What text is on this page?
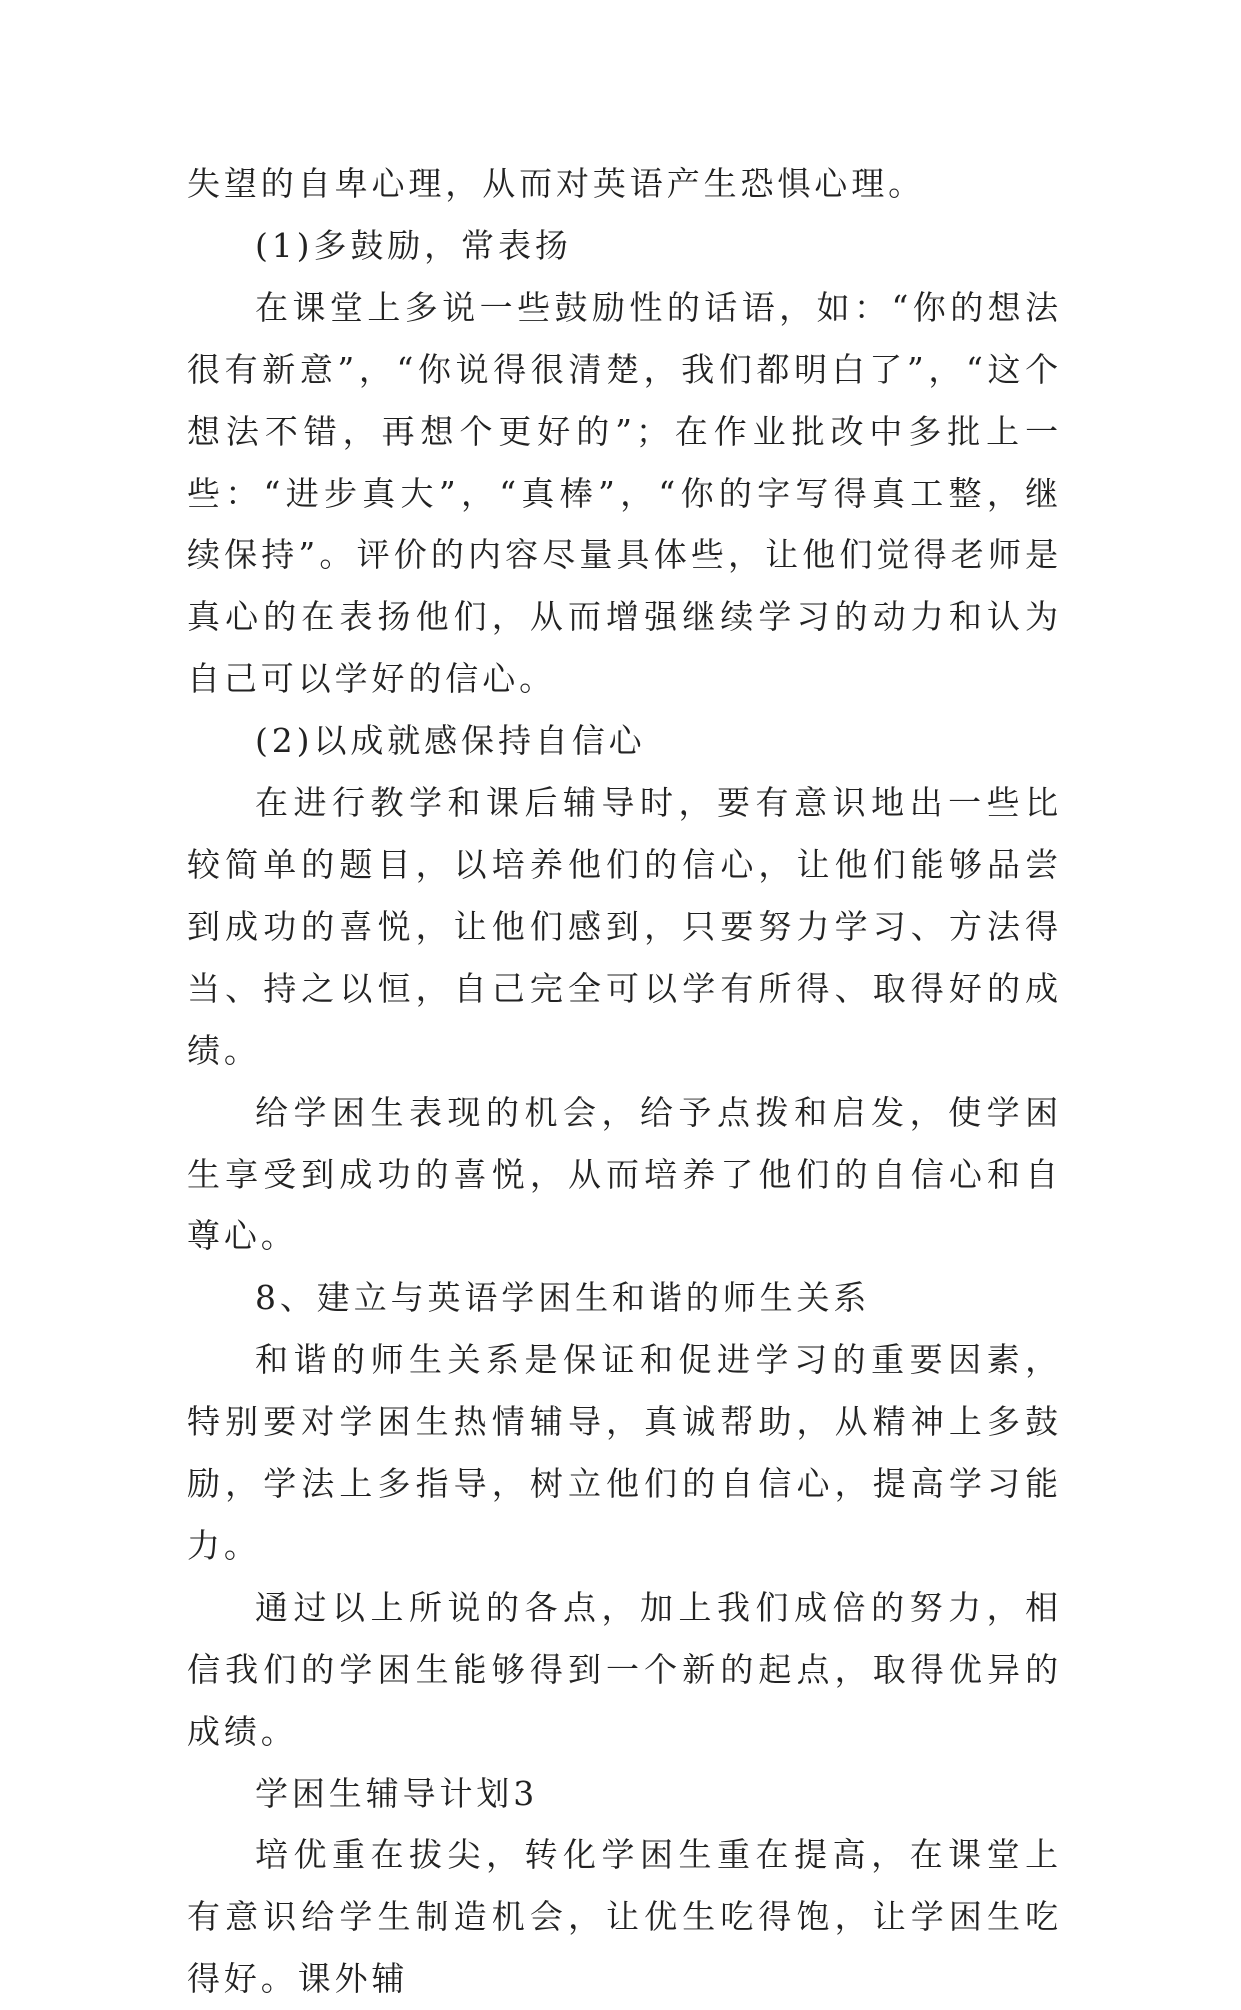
失望的自卑心理，从而对英语产生恐惧心理。

(1)多鼓励，常表扬

在课堂上多说一些鼓励性的话语，如：“你的想法很有新意”，“你说得很清楚，我们都明白了”，“这个想法不错，再想个更好的”；在作业批改中多批上一些：“进步真大”，“真棒”，“你的字写得真工整，继续保持”。评价的内容尽量具体些，让他们觉得老师是真心的在表扬他们，从而增强继续学习的动力和认为自己可以学好的信心。

(2)以成就感保持自信心

在进行教学和课后辅导时，要有意识地出一些比较简单的题目，以培养他们的信心，让他们能够品尝到成功的喜悦，让他们感到，只要努力学习、方法得当、持之以恒，自己完全可以学有所得、取得好的成绩。

给学困生表现的机会，给予点拨和启发，使学困生享受到成功的喜悦，从而培养了他们的自信心和自尊心。

8、建立与英语学困生和谐的师生关系

和谐的师生关系是保证和促进学习的重要因素，特别要对学困生热情辅导，真诚帮助，从精神上多鼓励，学法上多指导，树立他们的自信心，提高学习能力。

通过以上所说的各点，加上我们成倍的努力，相信我们的学困生能够得到一个新的起点，取得优异的成绩。

学困生辅导计划3

培优重在拔尖，转化学困生重在提高，在课堂上有意识给学生制造机会，让优生吃得饱，让学困生吃得好。课外辅
